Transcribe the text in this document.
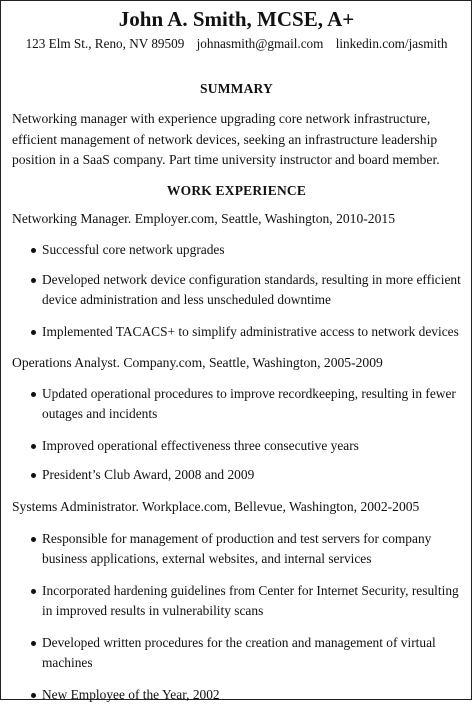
John A. Smith, MCSE, A+
123 Elm St., Reno, NV 89509 johnasmith@gmail.com linkedin.com/jasmith
SUMMARY

Networking manager with experience upgrading core network infrastructure, efficient management of network devices, seeking an infrastructure leadership position in a SaaS company. Part time university instructor and board member.

WORK EXPERIENCE

Networking Manager. Employer.com, Seattle, Washington, 2010-2015

Successful core network upgrades
Developed network device configuration standards, resulting in more efficient device administration and less unscheduled downtime
Implemented TACACS+ to simplify administrative access to network devices

Operations Analyst. Company.com, Seattle, Washington, 2005-2009

Updated operational procedures to improve recordkeeping, resulting in fewer outages and incidents
Improved operational effectiveness three consecutive years
President’s Club Award, 2008 and 2009

Systems Administrator. Workplace.com, Bellevue, Washington, 2002-2005

Responsible for management of production and test servers for company business applications, external websites, and internal services
Incorporated hardening guidelines from Center for Internet Security, resulting in improved results in vulnerability scans
Developed written procedures for the creation and management of virtual machines
New Employee of the Year, 2002
